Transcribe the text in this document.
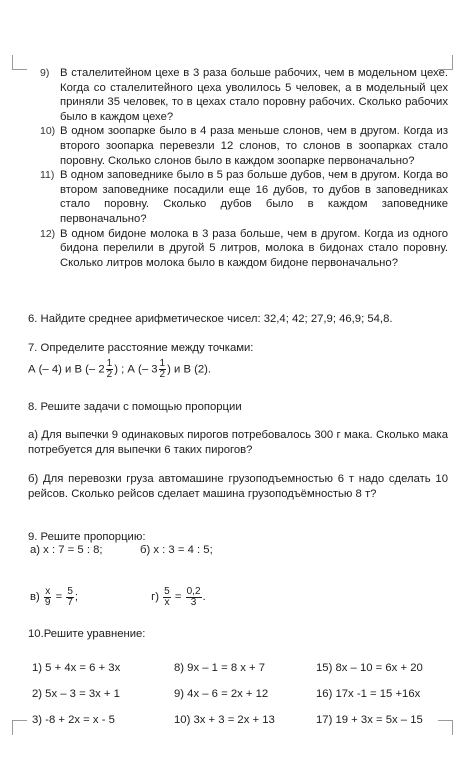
9) В сталелитейном цехе в 3 раза больше рабочих, чем в модельном цехе. Когда со сталелитейного цеха уволилось 5 человек, а в модельный цех приняли 35 человек, то в цехах стало поровну рабочих. Сколько рабочих было в каждом цехе?
10) В одном зоопарке было в 4 раза меньше слонов, чем в другом. Когда из второго зоопарка перевезли 12 слонов, то слонов в зоопарках стало поровну. Сколько слонов было в каждом зоопарке первоначально?
11) В одном заповеднике было в 5 раз больше дубов, чем в другом. Когда во втором заповеднике посадили еще 16 дубов, то дубов в заповедниках стало поровну. Сколько дубов было в каждом заповеднике первоначально?
12) В одном бидоне молока в 3 раза больше, чем в другом. Когда из одного бидона перелили в другой 5 литров, молока в бидонах стало поровну. Сколько литров молока было в каждом бидоне первоначально?
6. Найдите среднее арифметическое чисел: 32,4; 42; 27,9; 46,9; 54,8.
7. Определите расстояние между точками:
А (– 4) и В (– $2 \frac{1}{2}$ ) ; А (– $3 \frac{1}{2}$ ) и В (2).
8. Решите задачи с помощью пропорции
а) Для выпечки 9 одинаковых пирогов потребовалось 300 г мака. Сколько мака потребуется для выпечки 6 таких пирогов?
б) Для перевозки груза автомашине грузоподъемностью 6 т надо сделать 10 рейсов. Сколько рейсов сделает машина грузоподъёмностью 8 т?
9. Решите пропорцию:
а) x : 7 = 5 : 8;	б) x : 3 = 4 : 5;
$в) \frac{x}{9} = \frac{5}{7}$ ;	$г) \frac{5}{x} = \frac{0,2}{3}$ .
10.Решите уравнение:
1) 5 + 4x = 6 + 3x	8) 9x – 1 = 8 x + 7	15) 8x – 10 = 6x + 20
2) 5x – 3 = 3x + 1	9) 4x – 6 = 2x + 12	16) 17x -1 = 15 +16x
3) -8 + 2x = x - 5	10) 3x + 3 = 2x + 13	17) 19 + 3x = 5x – 15
